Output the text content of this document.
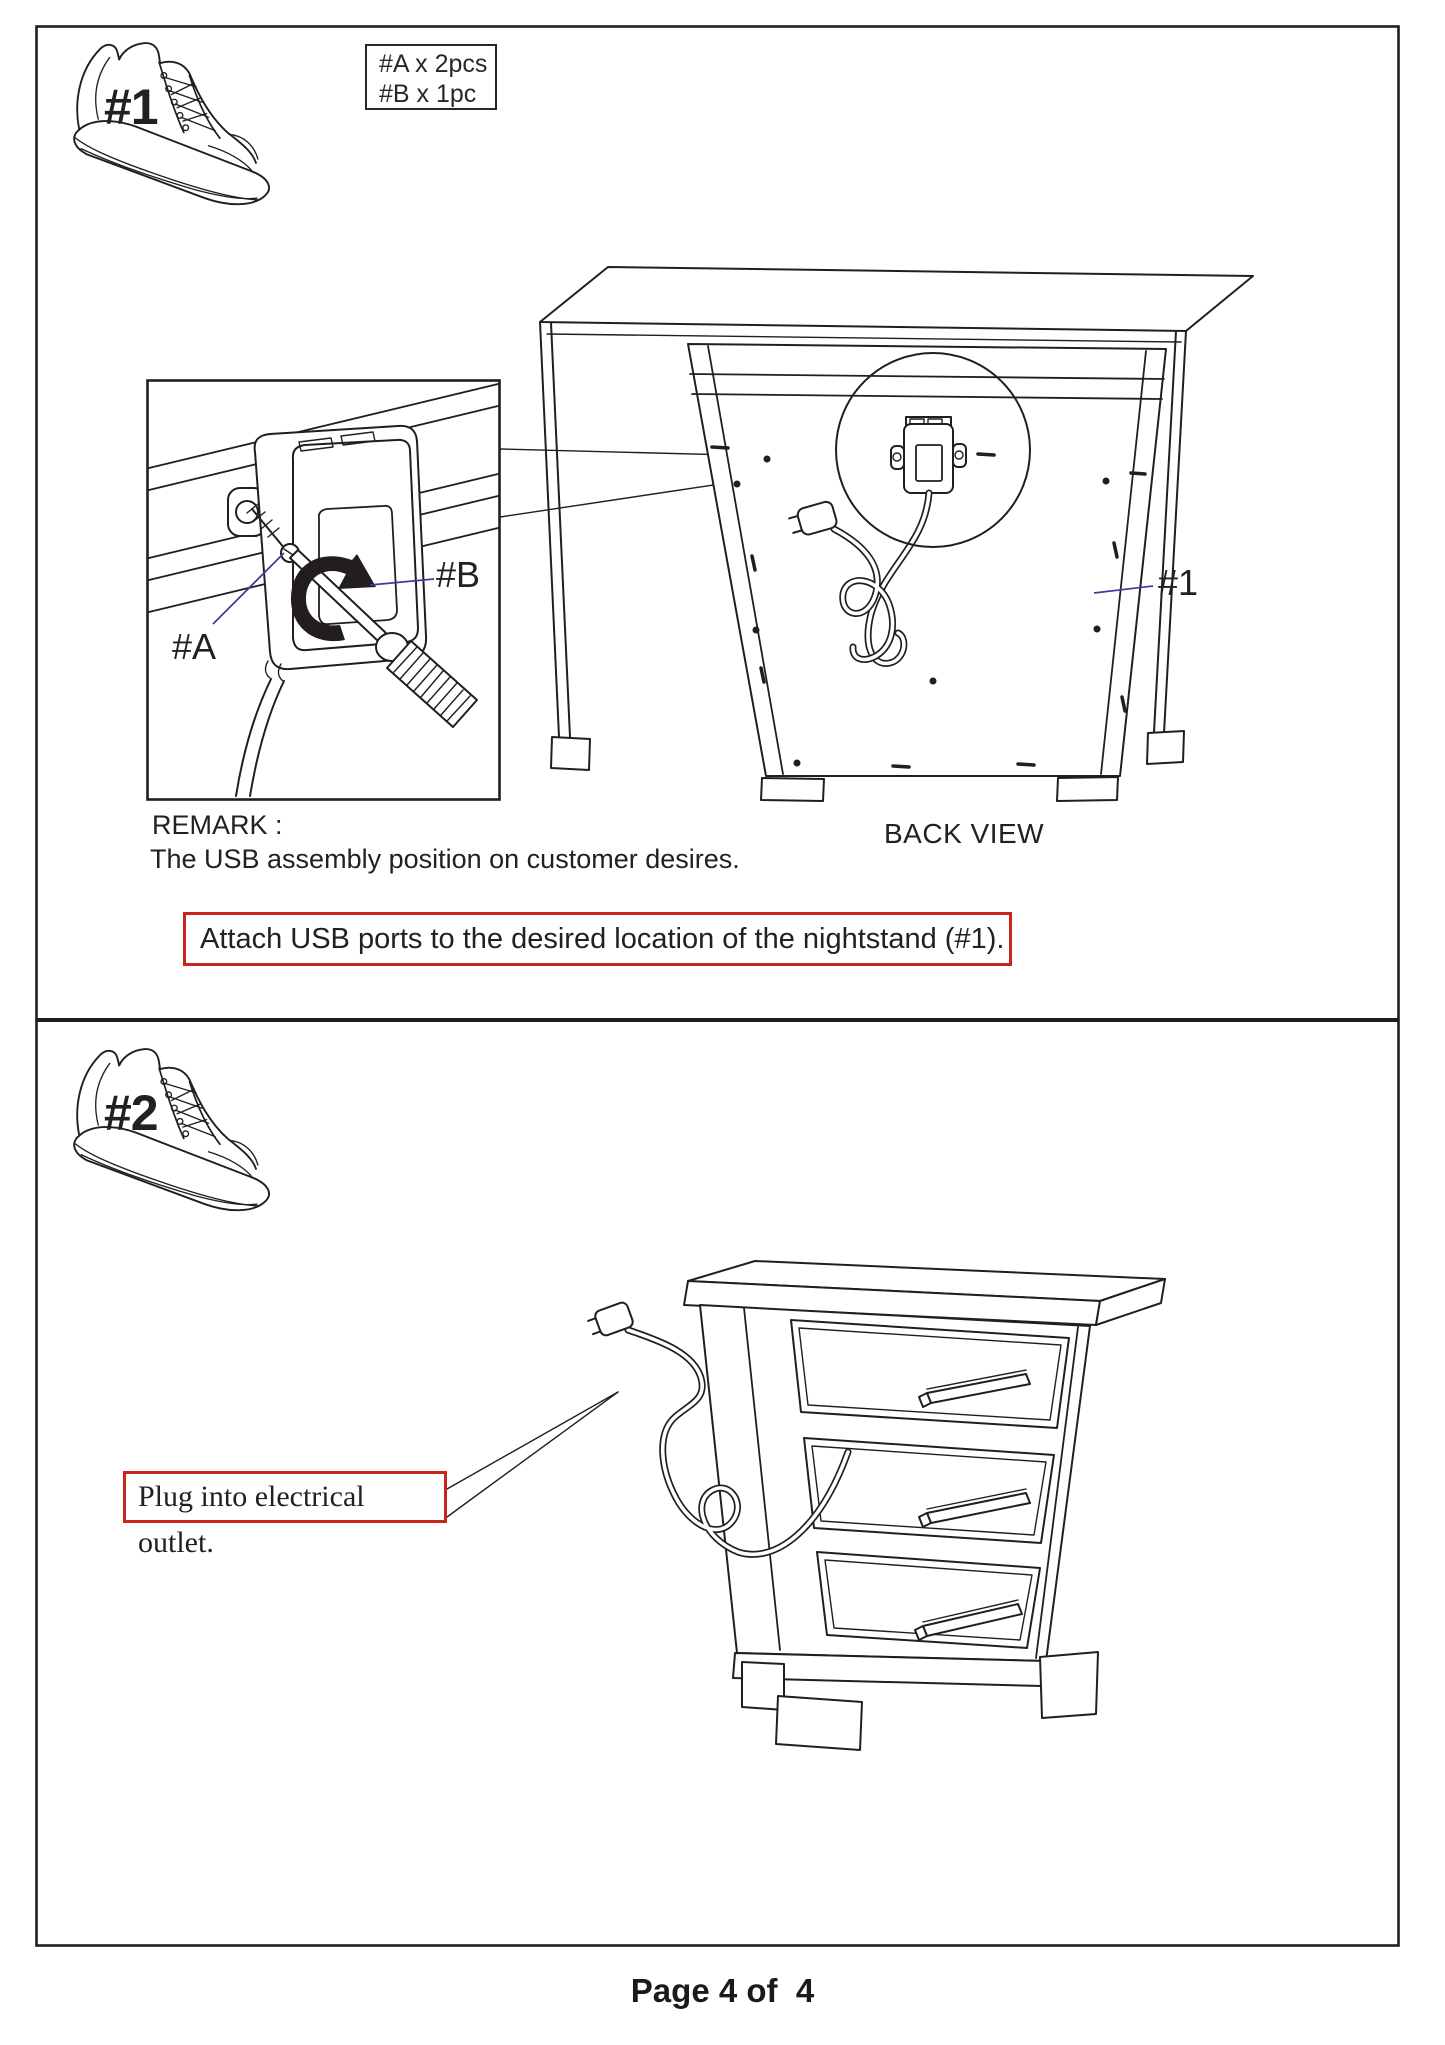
#1
#A x 2pcs
#B x 1pc
#A
#B	#1
BACK VIEW
REMARK :
The USB assembly position on customer desires.
Attach USB ports to the desired location of the nightstand (#1).
#2
Plug into electrical outlet.
Page 4 of  4
